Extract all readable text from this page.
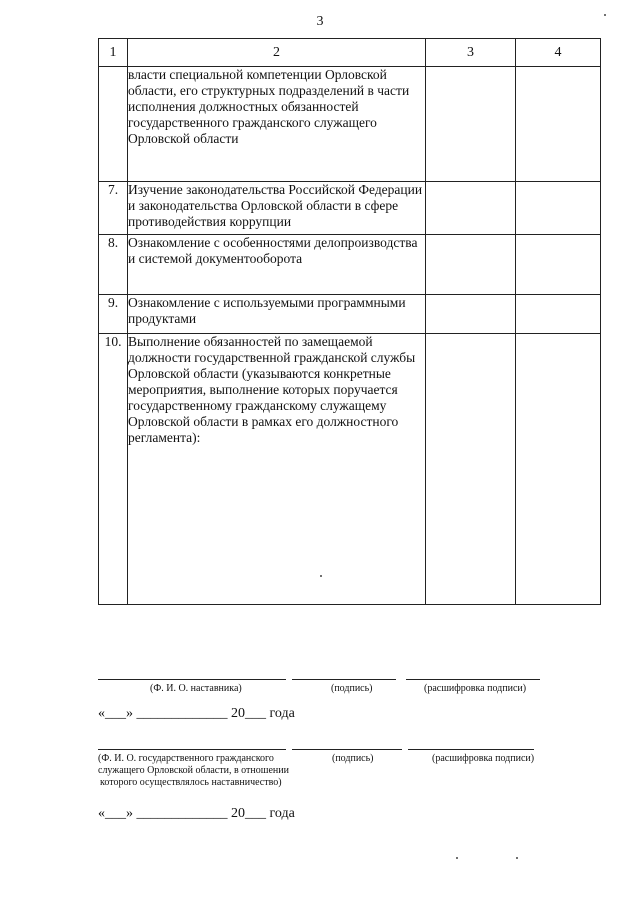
3
1	2	3	4
	власти специальной компетенции Орловской области, его структурных подразделений в части исполнения должностных обязанностей государственного гражданского служащего Орловской области		
7.	Изучение законодательства Российской Федерации и законодательства Орловской области в сфере противодействия коррупции		
8.	Ознакомление с особенностями делопроизводства и системой документооборота		
9.	Ознакомление с используемыми программными продуктами		
10.	Выполнение обязанностей по замещаемой должности государственной гражданской службы Орловской области (указываются конкретные мероприятия, выполнение которых поручается государственному гражданскому служащему Орловской области в рамках его должностного регламента):		
(Ф. И. О. наставника)	(подпись)	(расшифровка подписи)
«___» _____________ 20___ года
(Ф. И. О. государственного гражданского
служащего Орловской области, в отношении
которого осуществлялось наставничество)
(подпись)	(расшифровка подписи)
«___» _____________ 20___ года
